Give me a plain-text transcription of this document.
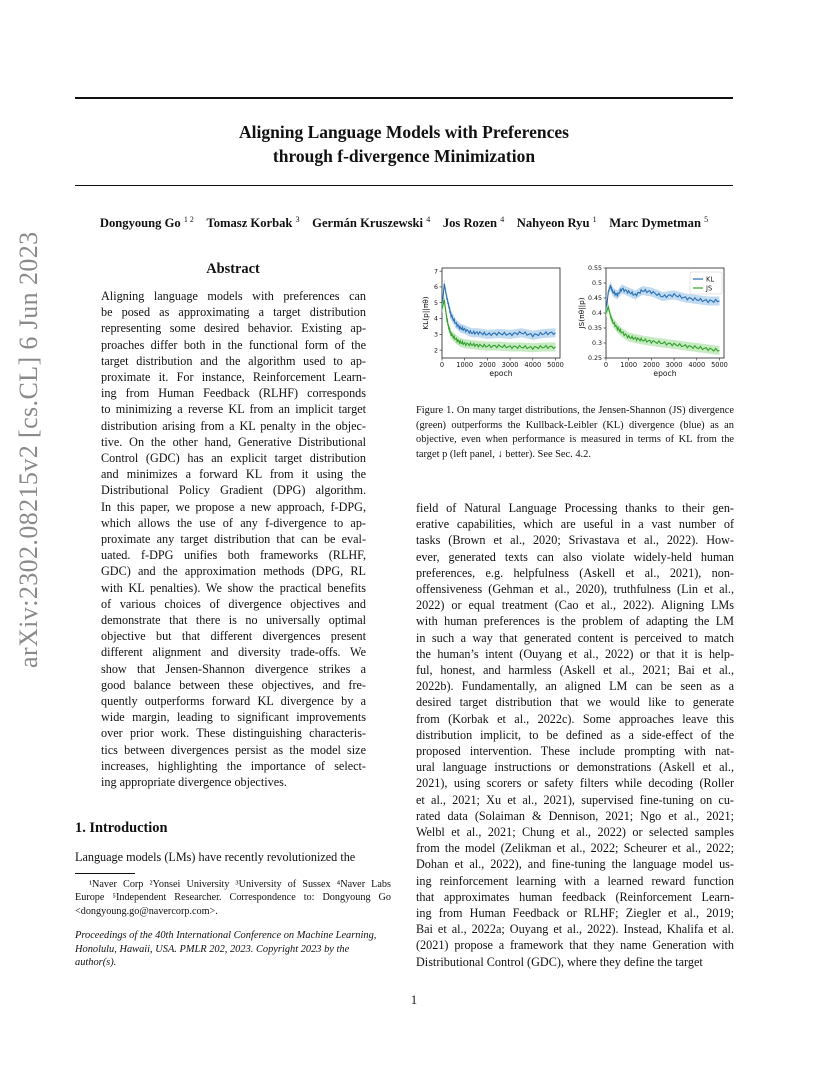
arXiv:2302.08215v2 [cs.CL] 6 Jun 2023
Aligning Language Models with Preferences
through f-divergence Minimization
Dongyoung Go $^{1 2}$  Tomasz Korbak $^3$  Germán Kruszewski $^4$  Jos Rozen $^4$  Nahyeon Ryu $^1$  Marc Dymetman $^5$
Abstract
Aligning language models with preferences can
be posed as approximating a target distribution
representing some desired behavior. Existing ap-
proaches differ both in the functional form of the
target distribution and the algorithm used to ap-
proximate it. For instance, Reinforcement Learn-
ing from Human Feedback (RLHF) corresponds
to minimizing a reverse KL from an implicit target
distribution arising from a KL penalty in the objec-
tive. On the other hand, Generative Distributional
Control (GDC) has an explicit target distribution
and minimizes a forward KL from it using the
Distributional Policy Gradient (DPG) algorithm.
In this paper, we propose a new approach, f-DPG,
which allows the use of any f-divergence to ap-
proximate any target distribution that can be eval-
uated. f-DPG unifies both frameworks (RLHF,
GDC) and the approximation methods (DPG, RL
with KL penalties). We show the practical benefits
of various choices of divergence objectives and
demonstrate that there is no universally optimal
objective but that different divergences present
different alignment and diversity trade-offs. We
show that Jensen-Shannon divergence strikes a
good balance between these objectives, and fre-
quently outperforms forward KL divergence by a
wide margin, leading to significant improvements
over prior work. These distinguishing characteris-
tics between divergences persist as the model size
increases, highlighting the importance of select-
ing appropriate divergence objectives.
1. Introduction
Language models (LMs) have recently revolutionized the
¹Naver Corp ²Yonsei University ³University of Sussex ⁴Naver Labs Europe ⁵Independent Researcher. Correspondence to: Dongyoung Go <dongyoung.go@navercorp.com>.
Proceedings of the 40th International Conference on Machine Learning, Honolulu, Hawaii, USA. PMLR 202, 2023. Copyright 2023 by the author(s).
0 1000 2000 3000 4000 5000
2
3
4
5
6
7
epoch
KL(p||πθ)
0 1000 2000 3000 4000 5000
0.25
0.3
0.35
0.4
0.45
0.5
0.55
epoch
JS(πθ||p)
KL
JS
Figure 1. On many target distributions, the Jensen-Shannon (JS) divergence (green) outperforms the Kullback-Leibler (KL) divergence (blue) as an objective, even when performance is measured in terms of KL from the target p (left panel, ↓ better). See Sec. 4.2.
field of Natural Language Processing thanks to their gen-
erative capabilities, which are useful in a vast number of
tasks (Brown et al., 2020; Srivastava et al., 2022). How-
ever, generated texts can also violate widely-held human
preferences, e.g. helpfulness (Askell et al., 2021), non-
offensiveness (Gehman et al., 2020), truthfulness (Lin et al.,
2022) or equal treatment (Cao et al., 2022). Aligning LMs
with human preferences is the problem of adapting the LM
in such a way that generated content is perceived to match
the human’s intent (Ouyang et al., 2022) or that it is help-
ful, honest, and harmless (Askell et al., 2021; Bai et al.,
2022b). Fundamentally, an aligned LM can be seen as a
desired target distribution that we would like to generate
from (Korbak et al., 2022c). Some approaches leave this
distribution implicit, to be defined as a side-effect of the
proposed intervention. These include prompting with nat-
ural language instructions or demonstrations (Askell et al.,
2021), using scorers or safety filters while decoding (Roller
et al., 2021; Xu et al., 2021), supervised fine-tuning on cu-
rated data (Solaiman & Dennison, 2021; Ngo et al., 2021;
Welbl et al., 2021; Chung et al., 2022) or selected samples
from the model (Zelikman et al., 2022; Scheurer et al., 2022;
Dohan et al., 2022), and fine-tuning the language model us-
ing reinforcement learning with a learned reward function
that approximates human feedback (Reinforcement Learn-
ing from Human Feedback or RLHF; Ziegler et al., 2019;
Bai et al., 2022a; Ouyang et al., 2022). Instead, Khalifa et al.
(2021) propose a framework that they name Generation with
Distributional Control (GDC), where they define the target
1
